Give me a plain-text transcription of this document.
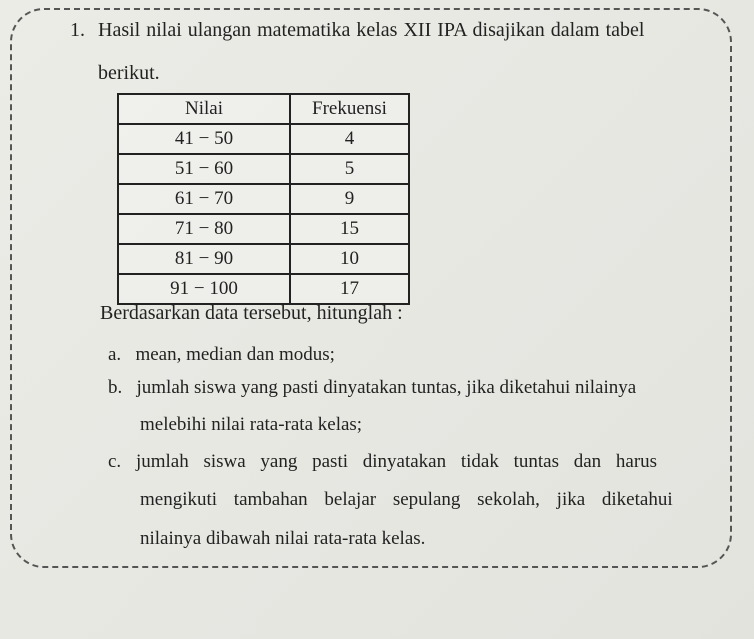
1. Hasil nilai ulangan matematika kelas XII IPA disajikan dalam tabel
berikut.
Nilai	Frekuensi
41 − 50	4
51 − 60	5
61 − 70	9
71 − 80	15
81 − 90	10
91 − 100	17
Berdasarkan data tersebut, hitunglah :
a. mean, median dan modus;
b. jumlah siswa yang pasti dinyatakan tuntas, jika diketahui nilainya
melebihi nilai rata-rata kelas;
c. jumlah siswa yang pasti dinyatakan tidak tuntas dan harus
mengikuti tambahan belajar sepulang sekolah, jika diketahui
nilainya dibawah nilai rata-rata kelas.
